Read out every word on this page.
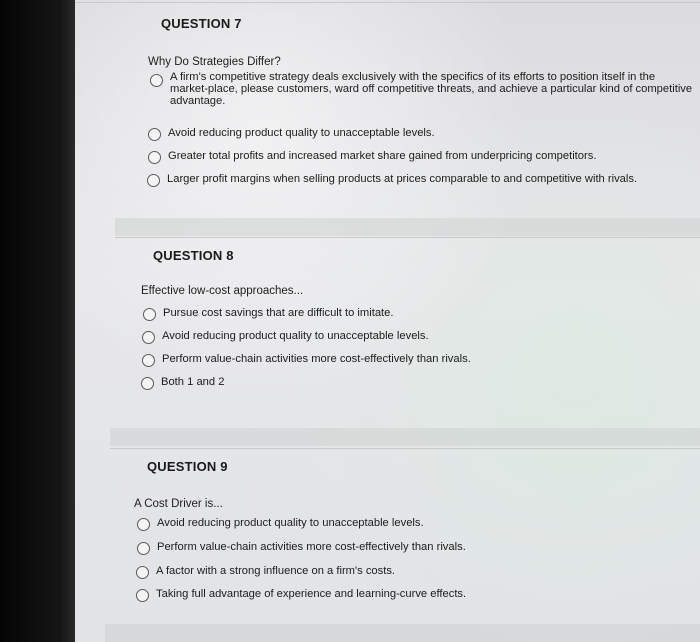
QUESTION 7
Why Do Strategies Differ?
A firm's competitive strategy deals exclusively with the specifics of its efforts to position itself in the market-place, please customers, ward off competitive threats, and achieve a particular kind of competitive advantage.
Avoid reducing product quality to unacceptable levels.
Greater total profits and increased market share gained from underpricing competitors.
Larger profit margins when selling products at prices comparable to and competitive with rivals.
QUESTION 8
Effective low-cost approaches...
Pursue cost savings that are difficult to imitate.
Avoid reducing product quality to unacceptable levels.
Perform value-chain activities more cost-effectively than rivals.
Both 1 and 2
QUESTION 9
A Cost Driver is...
Avoid reducing product quality to unacceptable levels.
Perform value-chain activities more cost-effectively than rivals.
A factor with a strong influence on a firm's costs.
Taking full advantage of experience and learning-curve effects.
